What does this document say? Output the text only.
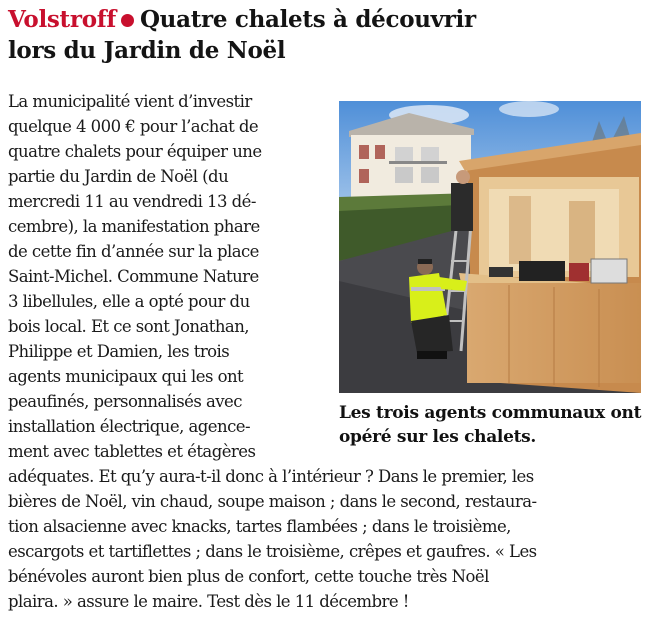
Volstroff Quatre chalets à découvrir
lors du Jardin de Noël
Les trois agents communaux ont opéré sur les chalets.
La municipalité vient d’investir
quelque 4 000 € pour l’achat de
quatre chalets pour équiper une
partie du Jardin de Noël (du
mercredi 11 au vendredi 13 dé-
cembre), la manifestation phare
de cette fin d’année sur la place
Saint-Michel. Commune Nature
3 libellules, elle a opté pour du
bois local. Et ce sont Jonathan,
Philippe et Damien, les trois
agents municipaux qui les ont
peaufinés, personnalisés avec
installation électrique, agence-
ment avec tablettes et étagères
adéquates. Et qu’y aura-t-il donc à l’intérieur ? Dans le premier, les
bières de Noël, vin chaud, soupe maison ; dans le second, restaura-
tion alsacienne avec knacks, tartes flambées ; dans le troisième,
escargots et tartiflettes ; dans le troisième, crêpes et gaufres. « Les
bénévoles auront bien plus de confort, cette touche très Noël
plaira. » assure le maire. Test dès le 11 décembre !
